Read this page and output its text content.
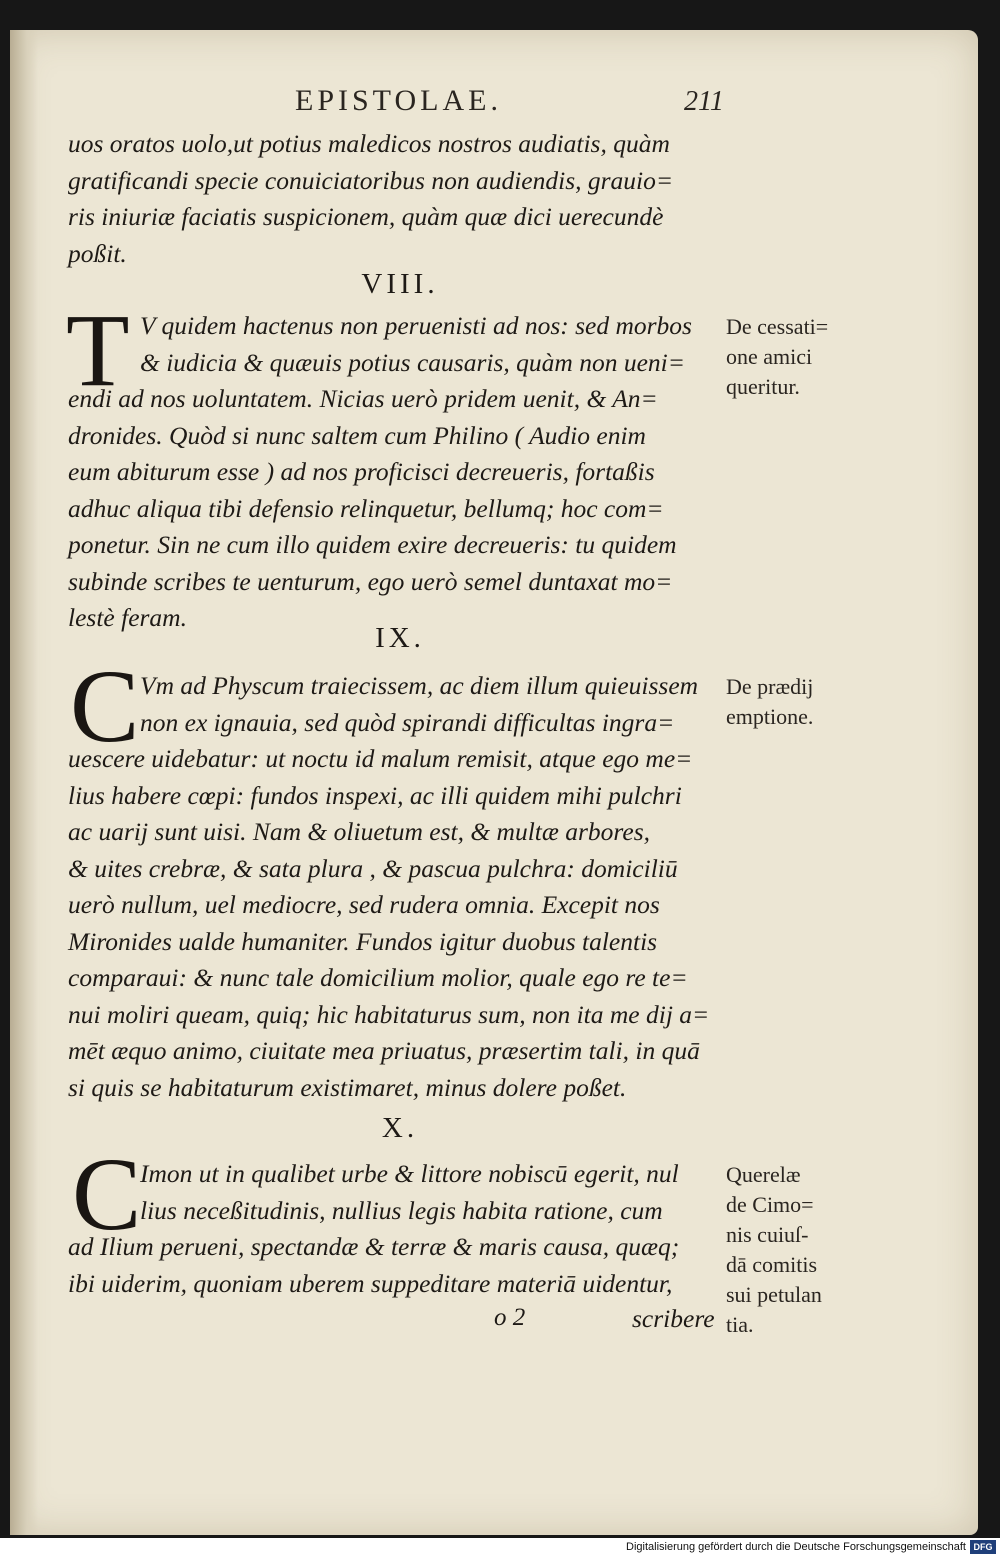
EPISTOLAE.	211
uos oratos uolo,ut potius maledicos nostros audiatis, quàm
gratificandi specie conuiciatoribus non audiendis, grauio=
ris iniuriæ faciatis suspicionem, quàm quæ dici uerecundè
poßit.
VIII.
T V quidem hactenus non peruenisti ad nos: sed morbos
& iudicia & quæuis potius causaris, quàm non ueni=
endi ad nos uoluntatem. Nicias uerò pridem uenit, & An=
dronides. Quòd si nunc saltem cum Philino ( Audio enim
eum abiturum esse ) ad nos proficisci decreueris, fortaßis
adhuc aliqua tibi defensio relinquetur, bellumq; hoc com=
ponetur. Sin ne cum illo quidem exire decreueris: tu quidem
subinde scribes te uenturum, ego uerò semel duntaxat mo=
lestè feram.
De cessati=
one amici
queritur.
IX.
C Vm ad Physcum traiecissem, ac diem illum quieuissem
non ex ignauia, sed quòd spirandi difficultas ingra=
uescere uidebatur: ut noctu id malum remisit, atque ego me=
lius habere cœpi: fundos inspexi, ac illi quidem mihi pulchri
ac uarij sunt uisi. Nam & oliuetum est, & multæ arbores,
& uites crebræ, & sata plura , & pascua pulchra: domiciliū
uerò nullum, uel mediocre, sed rudera omnia. Excepit nos
Mironides ualde humaniter. Fundos igitur duobus talentis
comparaui: & nunc tale domicilium molior, quale ego re te=
nui moliri queam, quiq; hic habitaturus sum, non ita me dij a=
mēt æquo animo, ciuitate mea priuatus, præsertim tali, in quā
si quis se habitaturum existimaret, minus dolere poßet.
De prædij
emptione.
X.
C
Imon ut in qualibet urbe & littore nobiscū egerit, nul
lius neceßitudinis, nullius legis habita ratione, cum
ad Ilium perueni, spectandæ & terræ & maris causa, quæq;
ibi uiderim, quoniam uberem suppeditare materiā uidentur,
o 2	scribere
Querelæ
de Cimo=
nis cuiuſ-
dā comitis
sui petulan
tia.
Digitalisierung gefördert durch die Deutsche Forschungsgemeinschaft DFG
